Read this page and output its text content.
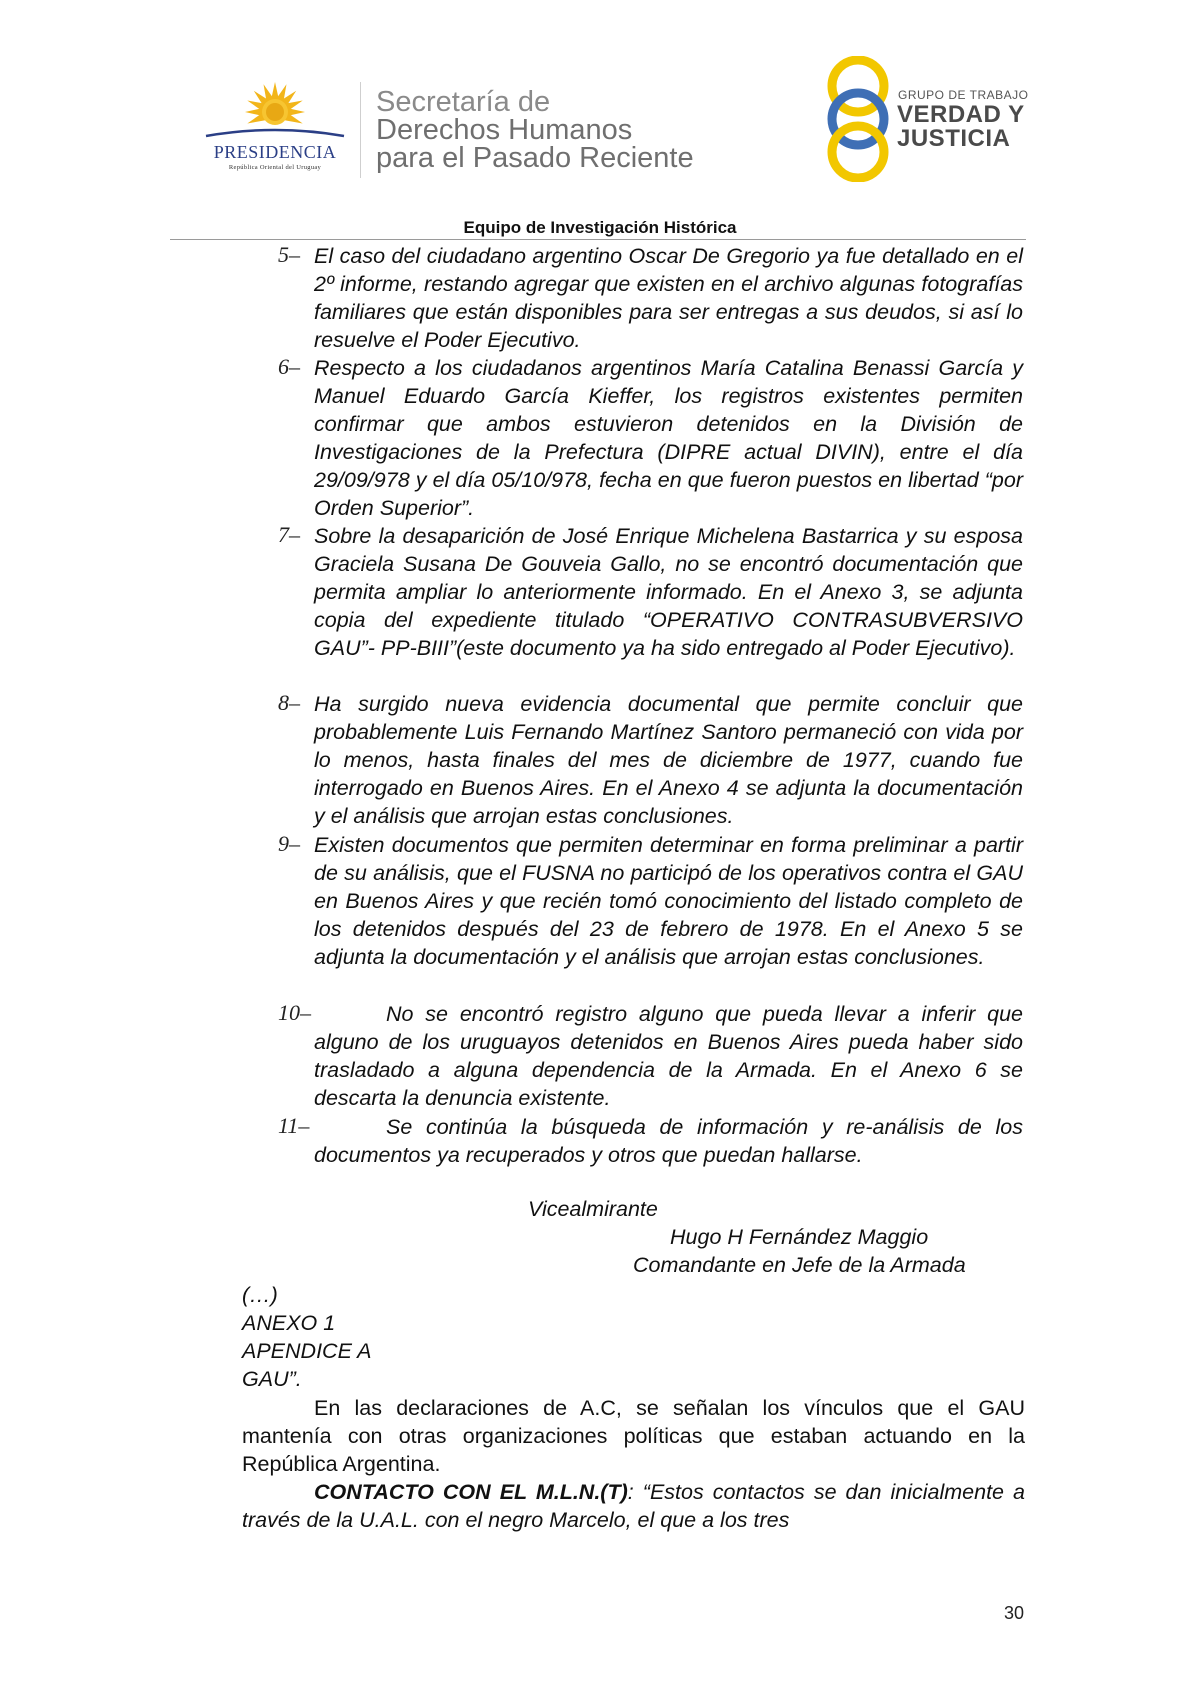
PRESIDENCIA
República Oriental del Uruguay
Secretaría de
Derechos Humanos
para el Pasado Reciente
GRUPO DE TRABAJO
VERDAD Y
JUSTICIA
Equipo de Investigación Histórica
5– El caso del ciudadano argentino Oscar De Gregorio ya fue detallado en el 2º informe, restando agregar que existen en el archivo algunas fotografías familiares que están disponibles para ser entregas a sus deudos, si así lo resuelve el Poder Ejecutivo.

6– Respecto a los ciudadanos argentinos María Catalina Benassi García y Manuel Eduardo García Kieffer, los registros existentes permiten confirmar que ambos estuvieron detenidos en la División de Investigaciones de la Prefectura (DIPRE actual DIVIN), entre el día 29/09/978 y el día 05/10/978, fecha en que fueron puestos en libertad “por Orden Superior”.

7– Sobre la desaparición de José Enrique Michelena Bastarrica y su esposa Graciela Susana De Gouveia Gallo, no se encontró documentación que permita ampliar lo anteriormente informado. En el Anexo 3, se adjunta copia del expediente titulado “OPERATIVO CONTRASUBVERSIVO GAU”- PP-BIII”(este documento ya ha sido entregado al Poder Ejecutivo).

8– Ha surgido nueva evidencia documental que permite concluir que probablemente Luis Fernando Martínez Santoro permaneció con vida por lo menos, hasta finales del mes de diciembre de 1977, cuando fue interrogado en Buenos Aires. En el Anexo 4 se adjunta la documentación y el análisis que arrojan estas conclusiones.

9– Existen documentos que permiten determinar en forma preliminar a partir de su análisis, que el FUSNA no participó de los operativos contra el GAU en Buenos Aires y que recién tomó conocimiento del listado completo de los detenidos después del 23 de febrero de 1978. En el Anexo 5 se adjunta la documentación y el análisis que arrojan estas conclusiones.

10–	No se encontró registro alguno que pueda llevar a inferir que alguno de los uruguayos detenidos en Buenos Aires pueda haber sido trasladado a alguna dependencia de la Armada. En el Anexo 6 se descarta la denuncia existente.

11–	Se continúa la búsqueda de información y re-análisis de los documentos ya recuperados y otros que puedan hallarse.

Vicealmirante
Hugo H Fernández Maggio
Comandante en Jefe de la Armada
(…)
ANEXO 1
APENDICE A
GAU”.

En las declaraciones de A.C, se señalan los vínculos que el GAU mantenía con otras organizaciones políticas que estaban actuando en la República Argentina.

CONTACTO CON EL M.L.N.(T): “Estos contactos se dan inicialmente a través de la U.A.L. con el negro Marcelo, el que a los tres

30
